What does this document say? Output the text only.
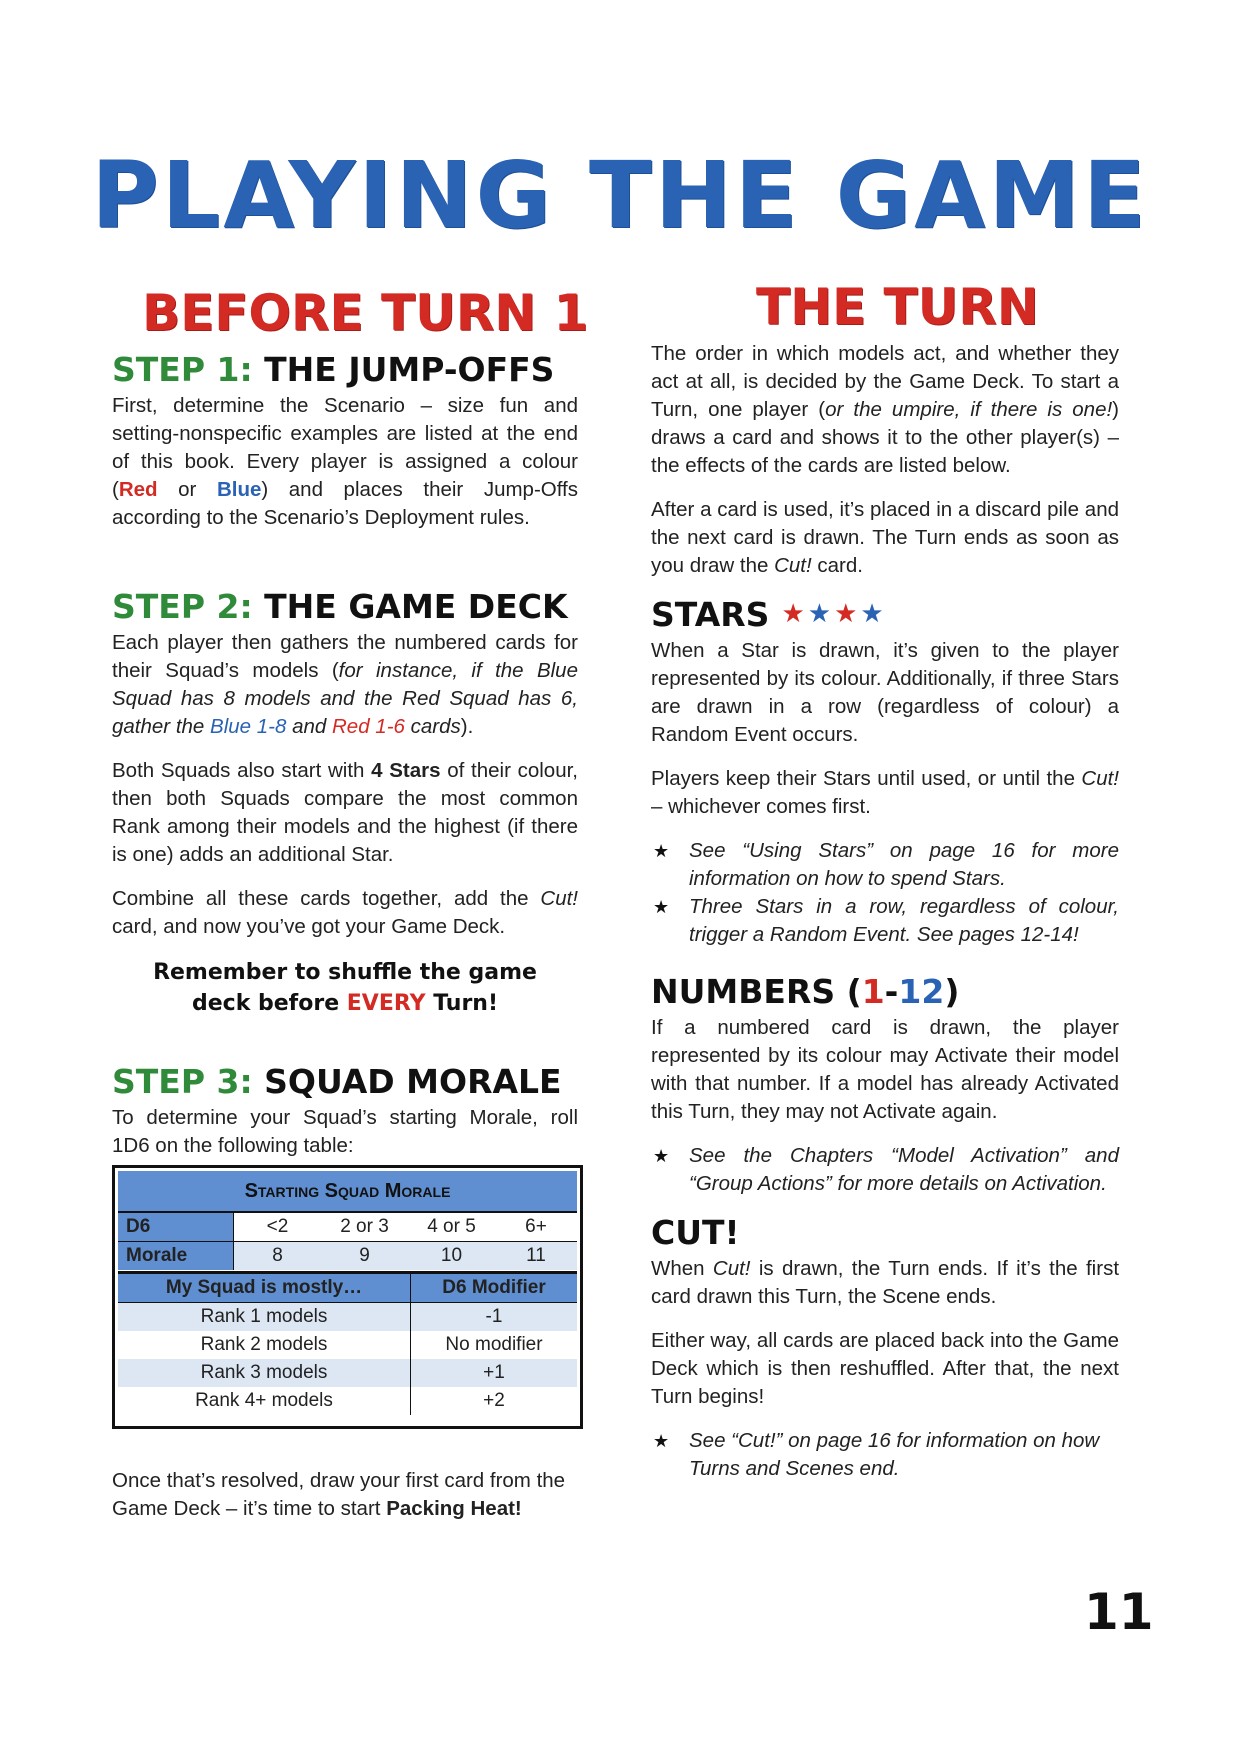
PLAYING THE GAME
BEFORE TURN 1	THE TURN
STEP 1: THE JUMP-OFFS

First, determine the Scenario – size fun and setting-nonspecific examples are listed at the end of this book. Every player is assigned a colour (Red or Blue) and places their Jump-Offs according to the Scenario’s Deployment rules.

STEP 2: THE GAME DECK

Each player then gathers the numbered cards for their Squad’s models (for instance, if the Blue Squad has 8 models and the Red Squad has 6, gather the Blue 1-8 and Red 1-6 cards).

Both Squads also start with 4 Stars of their colour, then both Squads compare the most common Rank among their models and the highest (if there is one) adds an additional Star.

Combine all these cards together, add the Cut! card, and now you’ve got your Game Deck.

Remember to shuffle the game
deck before EVERY Turn!
STEP 3: SQUAD MORALE

To determine your Squad’s starting Morale, roll 1D6 on the following table:

Starting Squad Morale
D6	<2	2 or 3	4 or 5	6+
Morale	8	9	10	11
My Squad is mostly…	D6 Modifier
Rank 1 models	-1
Rank 2 models	No modifier
Rank 3 models	+1
Rank 4+ models	+2

Once that’s resolved, draw your first card from the Game Deck – it’s time to start Packing Heat!

The order in which models act, and whether they act at all, is decided by the Game Deck. To start a Turn, one player (or the umpire, if there is one!) draws a card and shows it to the other player(s) – the effects of the cards are listed below.

After a card is used, it’s placed in a discard pile and the next card is drawn. The Turn ends as soon as you draw the Cut! card.

STARS ★★★★

When a Star is drawn, it’s given to the player represented by its colour. Additionally, if three Stars are drawn in a row (regardless of colour) a Random Event occurs.

Players keep their Stars until used, or until the Cut! – whichever comes first.

★ See “Using Stars” on page 16 for more information on how to spend Stars.
★ Three Stars in a row, regardless of colour, trigger a Random Event. See pages 12-14!
NUMBERS (1-12)

If a numbered card is drawn, the player represented by its colour may Activate their model with that number. If a model has already Activated this Turn, they may not Activate again.

★ See the Chapters “Model Activation” and “Group Actions” for more details on Activation.
CUT!

When Cut! is drawn, the Turn ends. If it’s the first card drawn this Turn, the Scene ends.

Either way, all cards are placed back into the Game Deck which is then reshuffled. After that, the next Turn begins!

★ See “Cut!” on page 16 for information on how Turns and Scenes end.
11
